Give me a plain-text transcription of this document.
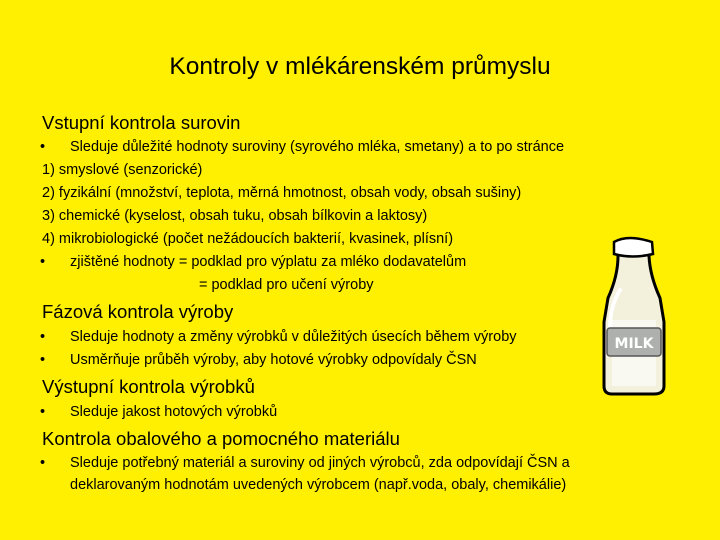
Kontroly v mlékárenském průmyslu
Vstupní kontrola surovin
• Sleduje důležité hodnoty suroviny (syrového mléka, smetany) a to po stránce
1) smyslové (senzorické)
2) fyzikální (množství, teplota, měrná hmotnost, obsah vody, obsah sušiny)
3) chemické (kyselost, obsah tuku, obsah bílkovin a laktosy)
4) mikrobiologické (počet nežádoucích bakterií, kvasinek, plísní)
• zjištěné hodnoty = podklad pro výplatu za mléko dodavatelům
= podklad pro učení výroby
Fázová kontrola výroby
• Sleduje hodnoty a změny výrobků v důležitých úsecích během výroby
• Usměrňuje průběh výroby, aby hotové výrobky odpovídaly ČSN
Výstupní kontrola výrobků
• Sleduje jakost hotových výrobků
Kontrola obalového a pomocného materiálu
• Sleduje potřebný materiál a suroviny od jiných výrobců, zda odpovídají ČSN a
deklarovaným hodnotám uvedených výrobcem (např.voda, obaly, chemikálie)
MILK
